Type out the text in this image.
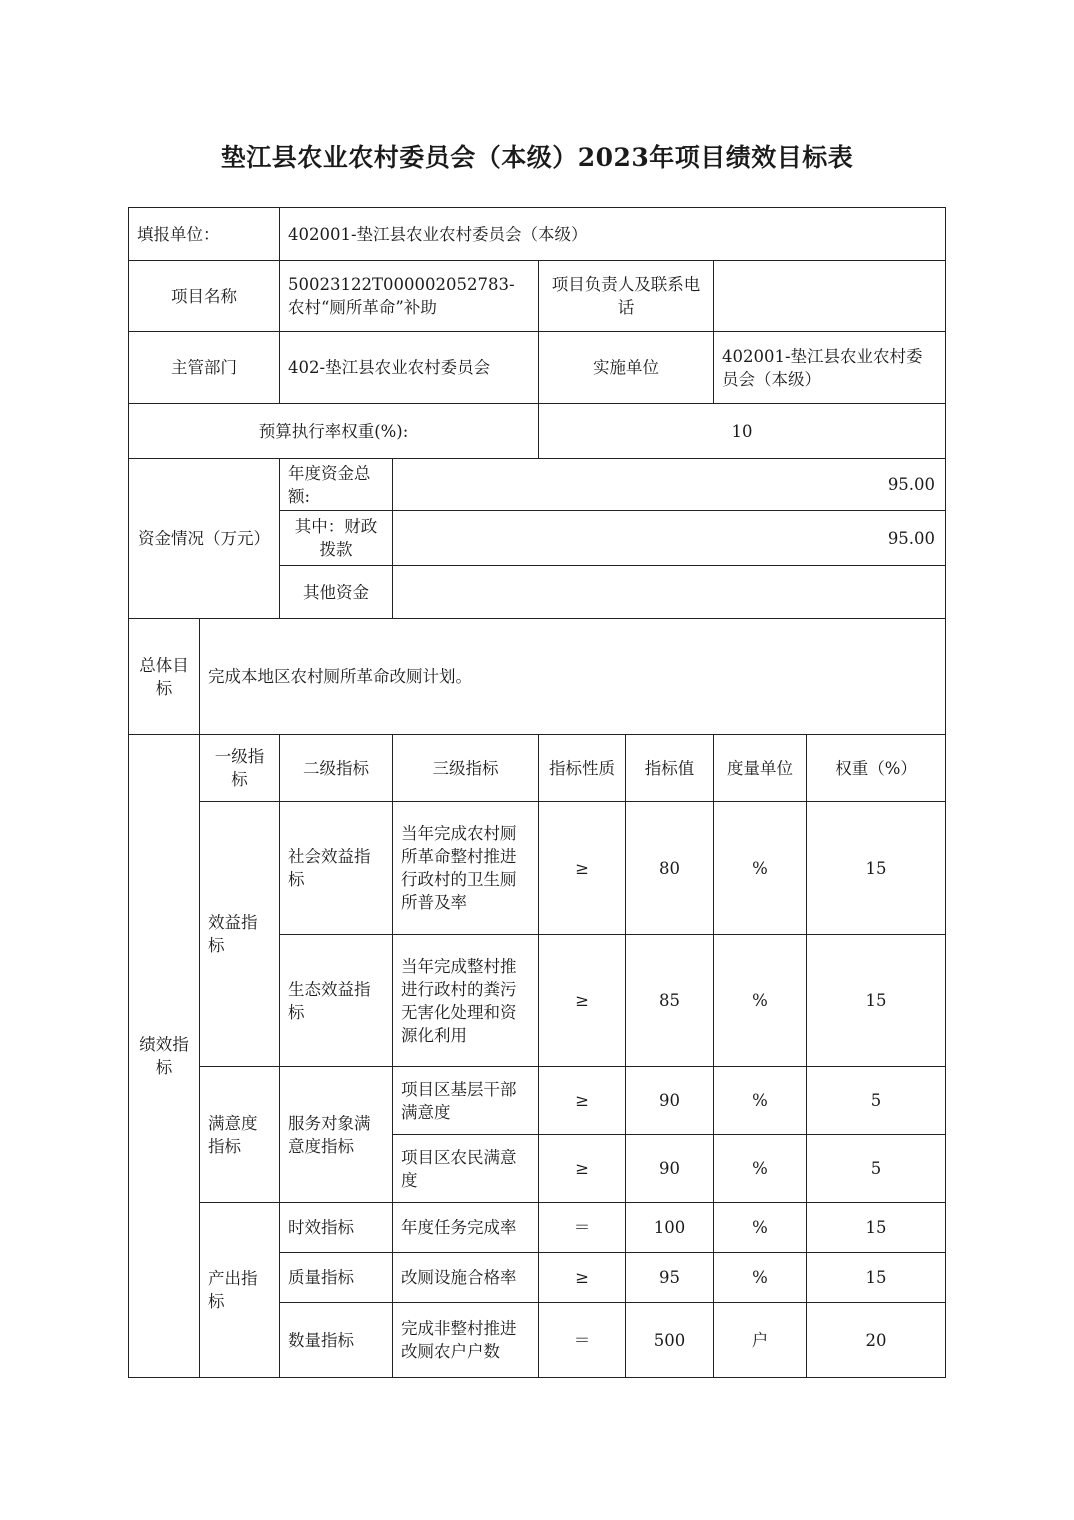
垫江县农业农村委员会（本级）2023年项目绩效目标表
填报单位：		402001-垫江县农业农村委员会（本级）					
项目名称		50023122T000002052783-农村“厕所革命”补助		项目负责人及联系电话			
主管部门		402-垫江县农业农村委员会		实施单位		402001-垫江县农业农村委员会（本级）	
预算执行率权重(%):				10			
资金情况（万元）		年度资金总额:	95.00				
		其中：财政拨款	95.00				
		其他资金					
总体目标	完成本地区农村厕所革命改厕计划。						
绩效指标	一级指标	二级指标	三级指标	指标性质	指标值	度量单位	权重（%）
	效益指标	社会效益指标	当年完成农村厕所革命整村推进行政村的卫生厕所普及率	≥	80	%	15
		生态效益指标	当年完成整村推进行政村的粪污无害化处理和资源化利用	≥	85	%	15
	满意度指标	服务对象满意度指标	项目区基层干部满意度	≥	90	%	5
			项目区农民满意度	≥	90	%	5
	产出指标	时效指标	年度任务完成率	＝	100	%	15
		质量指标	改厕设施合格率	≥	95	%	15
		数量指标	完成非整村推进改厕农户户数	＝	500	户	20
